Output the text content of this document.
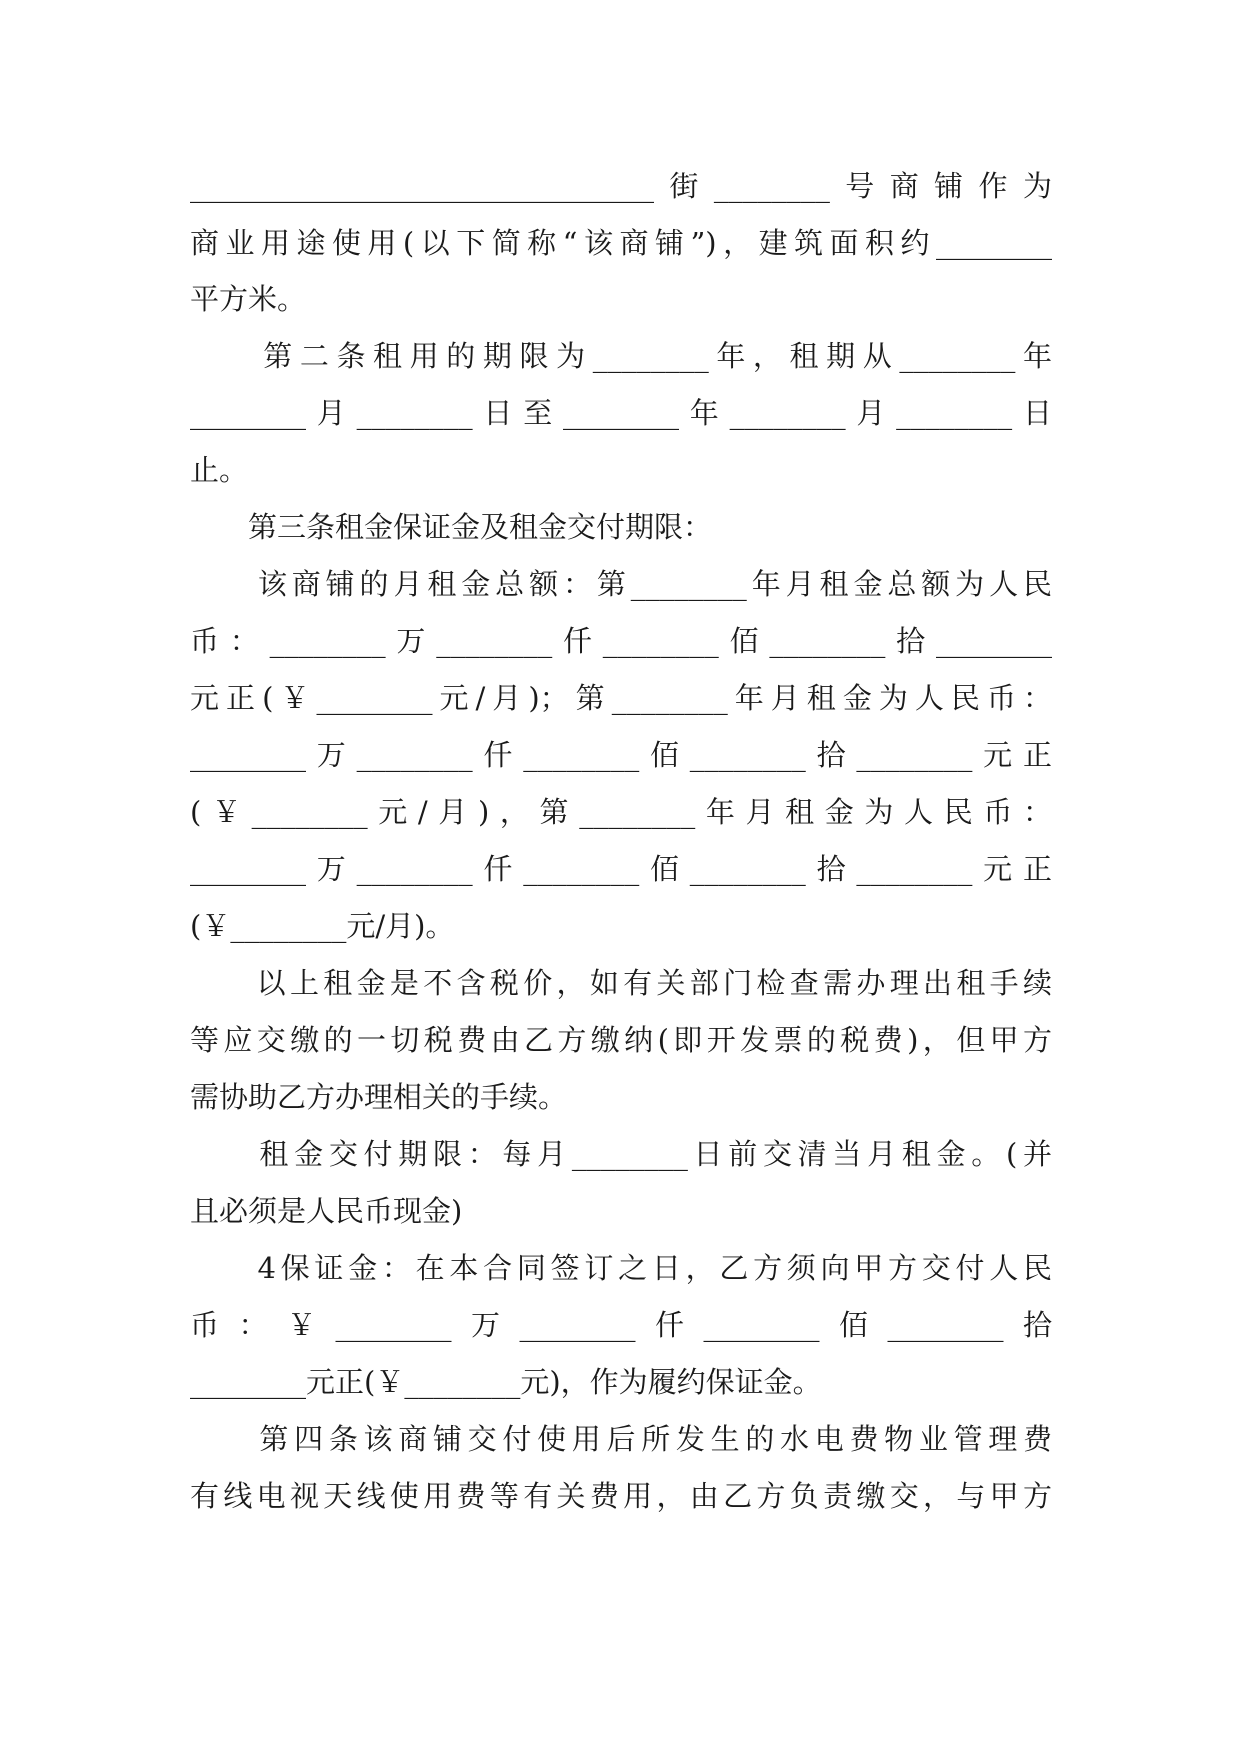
________________________________街________号商铺作为
商业用途使用(以下简称“该商铺”)，建筑面积约________
平方米。
　　第二条租用的期限为________年，租期从________年
________月________日至________年________月________日
止。
　　第三条租金保证金及租金交付期限：
　　该商铺的月租金总额：第________年月租金总额为人民
币：________万________仟________佰________拾________
元正(￥________元/月)；第________年月租金为人民币：
________万________仟________佰________拾________元正
(￥________元/月)，第________年月租金为人民币：
________万________仟________佰________拾________元正
(￥________元/月)。
　　以上租金是不含税价，如有关部门检查需办理出租手续
等应交缴的一切税费由乙方缴纳(即开发票的税费)，但甲方
需协助乙方办理相关的手续。
　　租金交付期限：每月________日前交清当月租金。(并
且必须是人民币现金)
　　4保证金：在本合同签订之日，乙方须向甲方交付人民
币：￥________万________仟________佰________拾
________元正(￥________元)，作为履约保证金。
　　第四条该商铺交付使用后所发生的水电费物业管理费
有线电视天线使用费等有关费用，由乙方负责缴交，与甲方
